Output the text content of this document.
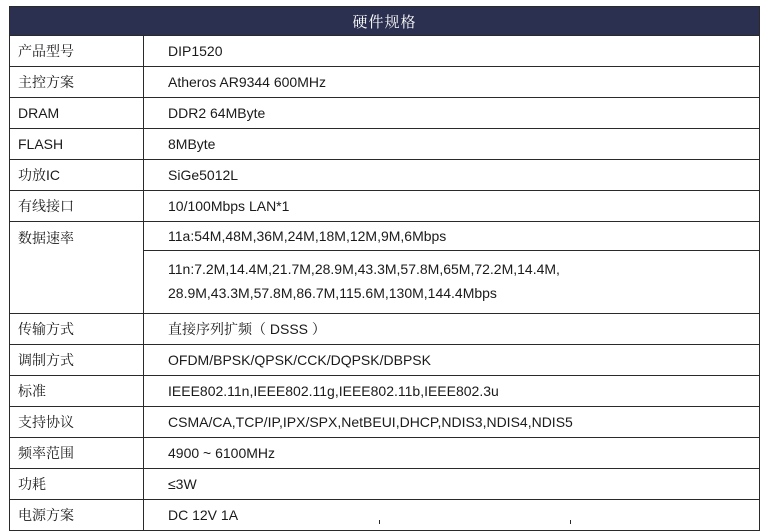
硬件规格
产品型号	DIP1520
主控方案	Atheros AR9344 600MHz
DRAM	DDR2 64MByte
FLASH	8MByte
功放IC	SiGe5012L
有线接口	10/100Mbps LAN*1
数据速率	11a:54M,48M,36M,24M,18M,12M,9M,6Mbps
11n:7.2M,14.4M,21.7M,28.9M,43.3M,57.8M,65M,72.2M,14.4M, 28.9M,43.3M,57.8M,86.7M,115.6M,130M,144.4Mbps
传输方式	直接序列扩频（ DSSS ）
调制方式	OFDM/BPSK/QPSK/CCK/DQPSK/DBPSK
标准	IEEE802.11n,IEEE802.11g,IEEE802.11b,IEEE802.3u
支持协议	CSMA/CA,TCP/IP,IPX/SPX,NetBEUI,DHCP,NDIS3,NDIS4,NDIS5
频率范围	4900 ~ 6100MHz
功耗	≤3W
电源方案	DC 12V 1A
